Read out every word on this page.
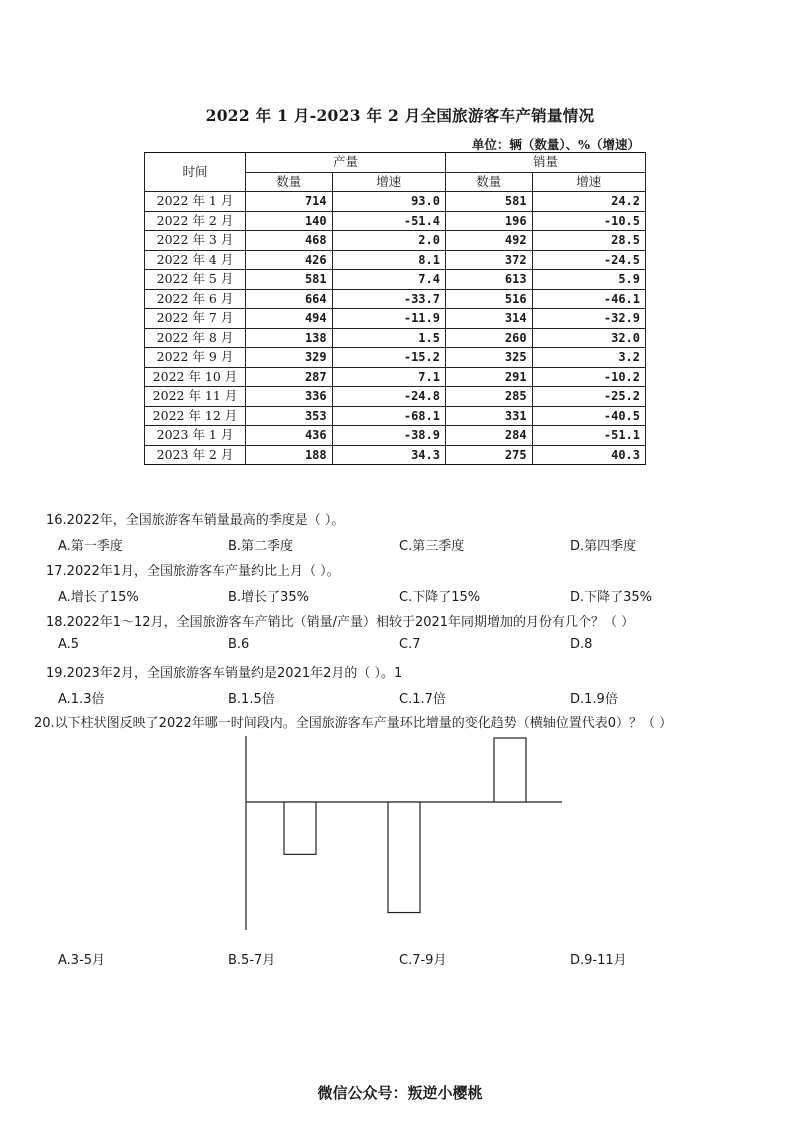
2022 年 1 月-2023 年 2 月全国旅游客车产销量情况
单位：辆（数量）、%（增速）
时间	产量		销量	
	数量	增速	数量	增速
2022 年 1 月	714	93.0	581	24.2
2022 年 2 月	140	-51.4	196	-10.5
2022 年 3 月	468	2.0	492	28.5
2022 年 4 月	426	8.1	372	-24.5
2022 年 5 月	581	7.4	613	5.9
2022 年 6 月	664	-33.7	516	-46.1
2022 年 7 月	494	-11.9	314	-32.9
2022 年 8 月	138	1.5	260	32.0
2022 年 9 月	329	-15.2	325	3.2
2022 年 10 月	287	7.1	291	-10.2
2022 年 11 月	336	-24.8	285	-25.2
2022 年 12 月	353	-68.1	331	-40.5
2023 年 1 月	436	-38.9	284	-51.1
2023 年 2 月	188	34.3	275	40.3
16.2022年，全国旅游客车销量最高的季度是（ ）。
A.第一季度	B.第二季度	C.第三季度	D.第四季度
17.2022年1月，全国旅游客车产量约比上月（ ）。
A.增长了15%	B.增长了35%	C.下降了15%	D.下降了35%
18.2022年1～12月，全国旅游客车产销比（销量/产量）相较于2021年同期增加的月份有几个？（ ）
A.5	B.6	C.7	D.8
19.2023年2月，全国旅游客车销量约是2021年2月的（ ）。1
A.1.3倍	B.1.5倍	C.1.7倍	D.1.9倍
20.以下柱状图反映了2022年哪一时间段内。全国旅游客车产量环比增量的变化趋势（横轴位置代表0）？（ ）
A.3-5月	B.5-7月	C.7-9月	D.9-11月
微信公众号：叛逆小樱桃
